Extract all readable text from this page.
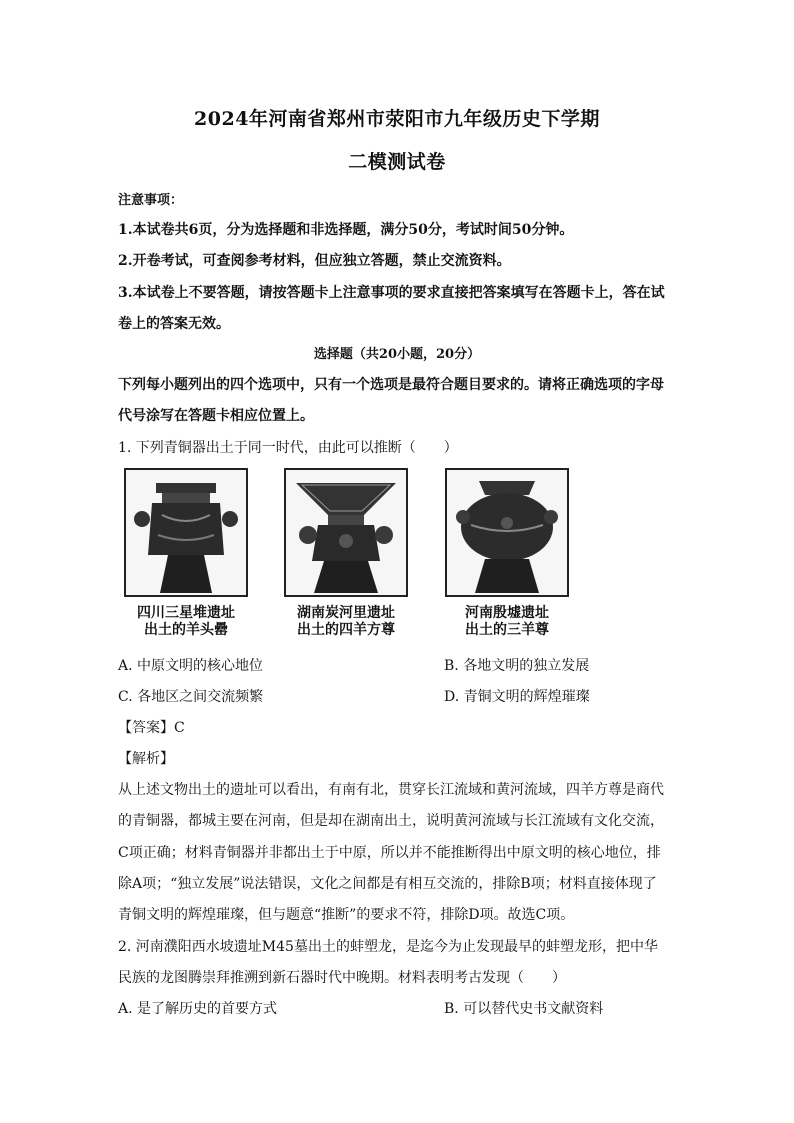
2024年河南省郑州市荥阳市九年级历史下学期
二模测试卷
注意事项：
1.本试卷共6页，分为选择题和非选择题，满分50分，考试时间50分钟。
2.开卷考试，可查阅参考材料，但应独立答题，禁止交流资料。
3.本试卷上不要答题，请按答题卡上注意事项的要求直接把答案填写在答题卡上，答在试
卷上的答案无效。
选择题（共20小题，20分）
下列每小题列出的四个选项中，只有一个选项是最符合题目要求的。请将正确选项的字母
代号涂写在答题卡相应位置上。
1. 下列青铜器出土于同一时代，由此可以推断（　　）
四川三星堆遗址
出土的羊头罍
湖南炭河里遗址
出土的四羊方尊
河南殷墟遗址
出土的三羊尊
A. 中原文明的核心地位	B. 各地文明的独立发展
C. 各地区之间交流频繁	D. 青铜文明的辉煌璀璨
【答案】C
【解析】
从上述文物出土的遗址可以看出，有南有北，贯穿长江流域和黄河流域，四羊方尊是商代
的青铜器，都城主要在河南，但是却在湖南出土，说明黄河流域与长江流域有文化交流，
C项正确；材料青铜器并非都出土于中原，所以并不能推断得出中原文明的核心地位，排
除A项；“独立发展”说法错误，文化之间都是有相互交流的，排除B项；材料直接体现了
青铜文明的辉煌璀璨，但与题意“推断”的要求不符，排除D项。故选C项。
2. 河南濮阳西水坡遗址M45墓出土的蚌塑龙，是迄今为止发现最早的蚌塑龙形，把中华
民族的龙图腾崇拜推溯到新石器时代中晚期。材料表明考古发现（　　）
A. 是了解历史的首要方式	B. 可以替代史书文献资料
